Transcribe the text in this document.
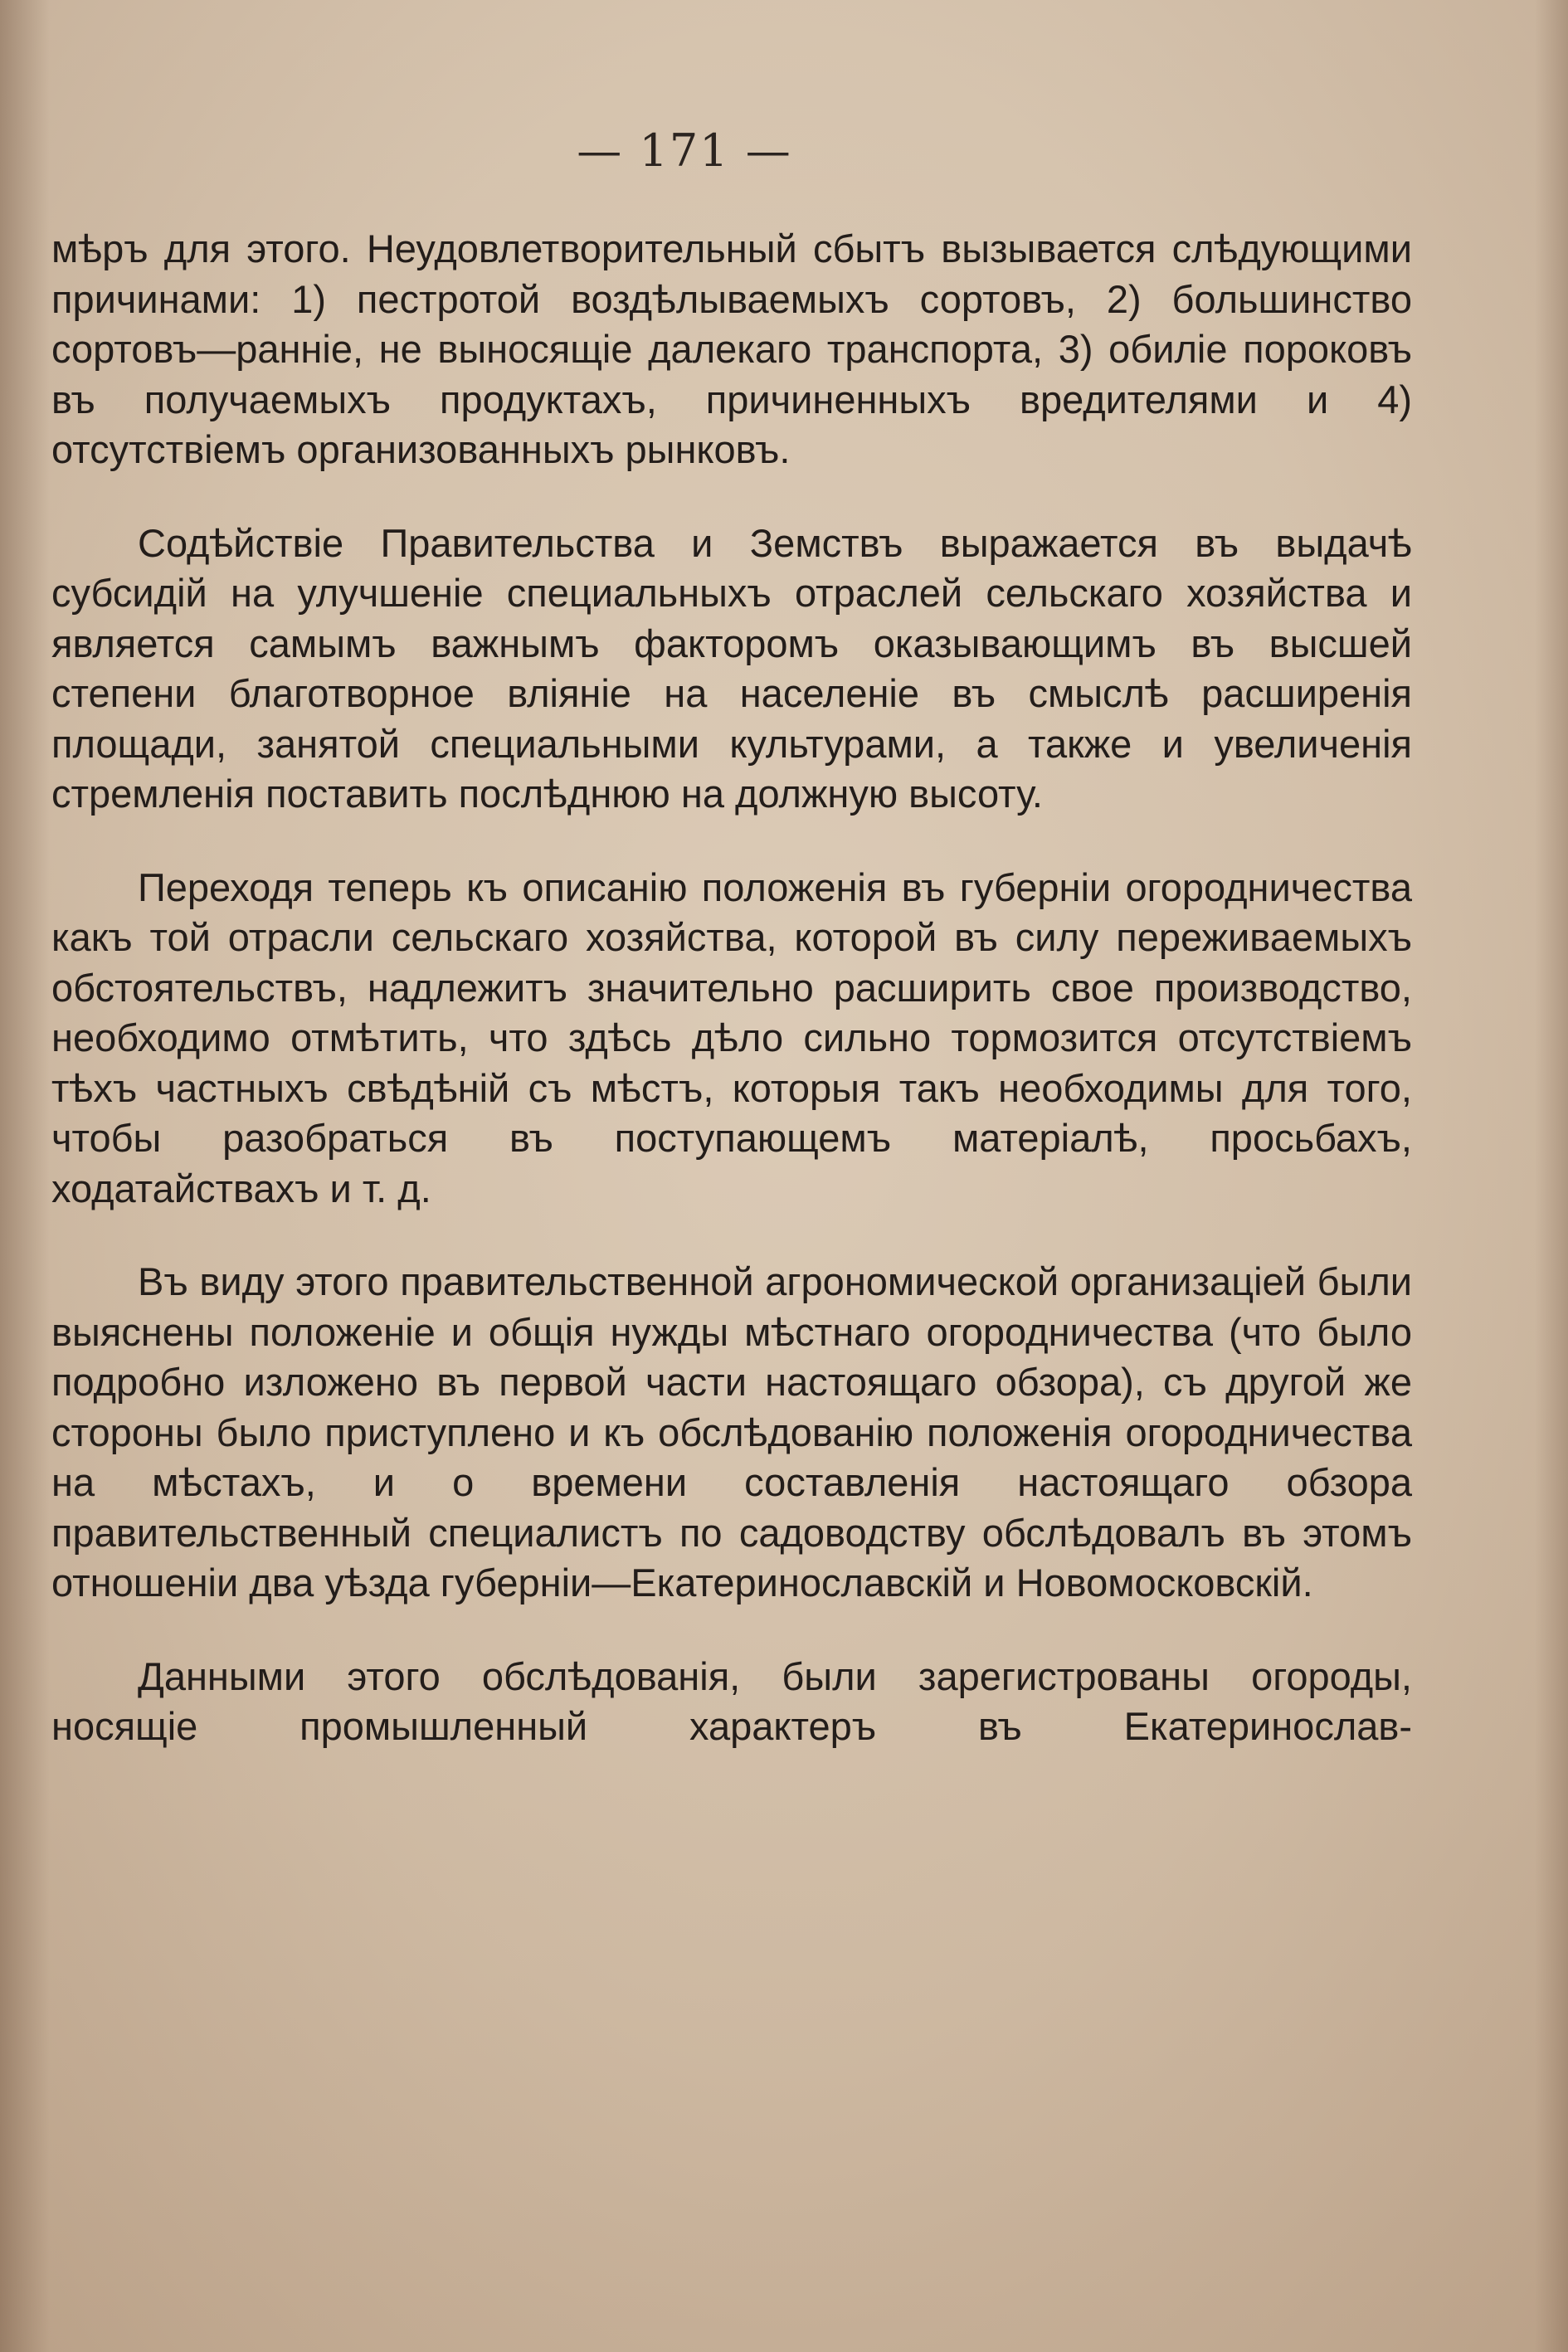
— 171 —

мѣръ для этого. Неудовлетворительный сбытъ вызывается слѣдующими причинами: 1) пестротой воздѣлываемыхъ сортовъ, 2) большинство сортовъ—ранніе, не выносящіе далекаго транспорта, 3) обиліе пороковъ въ получаемыхъ продуктахъ, причиненныхъ вредителями и 4) отсутствіемъ организованныхъ рынковъ.

Содѣйствіе Правительства и Земствъ выражается въ выдачѣ субсидій на улучшеніе специальныхъ отраслей сельскаго хозяйства и является самымъ важнымъ факторомъ оказывающимъ въ высшей степени благотворное вліяніе на населеніе въ смыслѣ расширенія площади, занятой специальными культурами, а также и увеличенія стремленія поставить послѣднюю на должную высоту.

Переходя теперь къ описанію положенія въ губерніи огородничества какъ той отрасли сельскаго хозяйства, которой въ силу переживаемыхъ обстоятельствъ, надлежитъ значительно расширить свое производство, необходимо отмѣтить, что здѣсь дѣло сильно тормозится отсутствіемъ тѣхъ частныхъ свѣдѣній съ мѣстъ, которыя такъ необходимы для того, чтобы разобраться въ поступающемъ матеріалѣ, просьбахъ, ходатайствахъ и т. д.

Въ виду этого правительственной агрономической организацiей были выяснены положеніе и общія нужды мѣстнаго огородничества (что было подробно изложено въ первой части настоящаго обзора), съ другой же стороны было приступлено и къ обслѣдованію положенія огородничества на мѣстахъ, и о времени составленія настоящаго обзора правительственный специалистъ по садоводству обслѣдовалъ въ этомъ отношеніи два уѣзда губерніи—Екатеринославскій и Новомосковскій.

Данными этого обслѣдованія, были зарегистрованы огороды, носящіе промышленный характеръ въ Екатеринослав-
